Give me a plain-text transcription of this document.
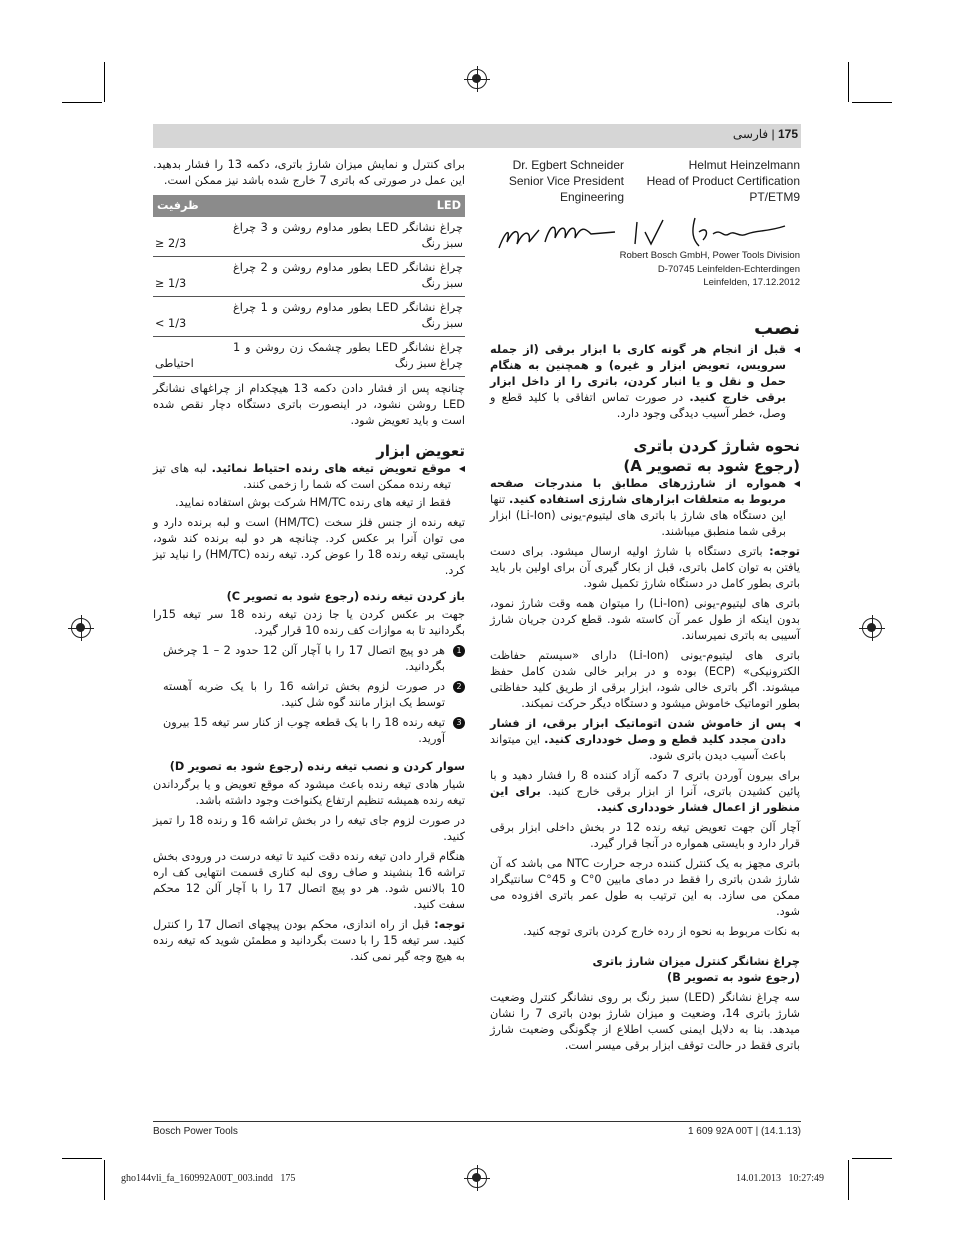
175 | فارسی
Helmut Heinzelmann
Head of Product Certification
PT/ETM9
Dr. Egbert Schneider
Senior Vice President
Engineering
Robert Bosch GmbH, Power Tools Division
D-70745 Leinfelden-Echterdingen
Leinfelden, 17.12.2012
نصب

◀ قبل از انجام هر گونه کاری با ابزار برقی (از جمله سرویس، تعویض ابزار و غیره) و همچنین به هنگام حمل و نقل و یا انبار کردن، باتری را از داخل ابزار برقی خارج کنید. در صورت تماس اتفاقی با کلید قطع و وصل، خطر آسیب دیدگی وجود دارد.

نحوه شارژ کردن باتری
(رجوع شود به تصویر A)

◀ همواره از شارژرهای مطابق با مندرجات صفحه مربوط به متعلقات ابزارهای شارژی استفاده کنید. تنها این دستگاه های شارژ با باتری های لیتیوم-یونی (Li-Ion) ابزار برقی شما منطبق میباشند.

توجه: باتری دستگاه با شارژ اولیه ارسال میشود. برای دست یافتن به توان کامل باتری، قبل از بکار گیری آن برای اولین بار باید باتری بطور کامل در دستگاه شارژ تکمیل شود.

باتری های لیتیوم-یونی (Li-Ion) را میتوان همه وقت شارژ نمود، بدون اینکه از طول عمر آن کاسته شود. قطع کردن جریان شارژ آسیبی به باتری نمیرساند.

باتری های لیتیوم-یونی (Li-Ion) دارای «سیستم حفاظت الکترونیکی» (ECP) بوده و در برابر خالی شدن کامل حفظ میشوند. اگر باتری خالی شود، ابزار برقی از طریق کلید حفاظتی بطور اتوماتیک خاموش میشود و دستگاه دیگر حرکت نمیکند.

◀ پس از خاموش شدن اتوماتیک ابزار برقی، از فشار دادن مجدد کلید قطع و وصل خودداری کنید. این میتواند باعث آسیب دیدن باتری شود.

برای بیرون آوردن باتری 7 دکمه آزاد کننده 8 را فشار دهید و با پائین کشیدن باتری، آنرا از ابزار برقی خارج کنید. برای این منظور از اعمال فشار خودداری کنید.

آچار آلن جهت تعویض تیغه رنده 12 در بخش داخلی ابزار برقی قرار دارد و بایستی همواره در آنجا قرار گیرد.

باتری مجهز به یک کنترل کننده درجه حرارت NTC می باشد که آن شارژ شدن باتری را فقط در دمای مابین 0°C و 45°C سانتیگراد ممکن می سازد. به این ترتیب به طول عمر باتری افزوده می شود.

به نکات مربوط به نحوه از رده خارج کردن باتری توجه کنید.

چراغ نشانگر کنترل میزان شارژ باتری
(رجوع شود به تصویر B)

سه چراغ نشانگر (LED) سبز رنگ بر روی نشانگر کنترل وضعیت شارژ باتری 14، وضعیت و میزان شارژ بودن باتری 7 را نشان میدهد. بنا به دلایل ایمنی کسب اطلاع از چگونگی وضعیت شارژ باتری فقط در حالت توقف ابزار برقی میسر است.

برای کنترل و نمایش میزان شارژ باتری، دکمه 13 را فشار بدهید. این عمل در صورتی که باتری 7 خارج شده باشد نیز ممکن است.

LED	ظرفیت
چراغ نشانگر LED بطور مداوم روشن و 3 چراغ سبز رنگ	≥ 2/3
چراغ نشانگر LED بطور مداوم روشن و 2 چراغ سبز رنگ	≥ 1/3
چراغ نشانگر LED بطور مداوم روشن و 1 چراغ سبز رنگ	< 1/3
چراغ نشانگر LED بطور چشمک زن روشن و 1 چراغ سبز رنگ	احتیاطی

چنانچه پس از فشار دادن دکمه 13 هیچکدام از چراغهای نشانگر LED روشن نشود، در اینصورت باتری دستگاه دچار نقص شده است و باید تعویض شود.

تعویض ابزار

◀ موقع تعویض تیغه های رنده احتیاط نمائید. لبه های تیز تیغه رنده ممکن است که شما را زخمی کنند.

فقط از تیغه های رنده HM/TC شرکت بوش استفاده نمایید.

تیغه رنده از جنس فلز سخت (HM/TC) است و لبه برنده دارد و می توان آنرا بر عکس کرد. چنانچه هر دو لبه برنده کند شود، بایستی تیغه رنده 18 را عوض کرد. تیغه رنده (HM/TC) را نباید تیز کرد.

باز کردن تیغه رنده (رجوع شود به تصویر C)

جهت بر عکس کردن یا جا زدن تیغه رنده 18 سر تیغه 15را بگردانید تا به موازات کف رنده 10 قرار گیرد.

1
هر دو پیچ اتصال 17 را با آچار آلن 12 حدود 2 – 1 چرخش بگردانید.

2
در صورت لزوم بخش تراشه 16 را با یک ضربه آهسته توسط یک ابزار مانند گوه شل کنید.

3
تیغه رنده 18 را با یک قطعه چوب از کنار سر تیغه 15 بیرون آورید.

سوار کردن و نصب تیغه رنده (رجوع شود به تصویر D)

شیار هادی تیغه رنده باعث میشود که موقع تعویض و یا برگرداندن تیغه رنده همیشه تنظیم ارتفاع یکنواخت وجود داشته باشد.

در صورت لزوم جای تیغه را در بخش تراشه 16 و رنده 18 را تمیز کنید.

هنگام قرار دادن تیغه رنده دقت کنید تا تیغه درست در ورودی بخش تراشه 16 بنشیند و صاف روی لبه کناری قسمت انتهایی کف اره 10 بالانس شود. هر دو پیچ اتصال 17 را با آچار آلن 12 محکم سفت کنید.

توجه: قبل از راه اندازی، محکم بودن پیچهای اتصال 17 را کنترل کنید. سر تیغه 15 را با دست بگردانید و مطمئن شوید که تیغه رنده به هیچ وجه گیر نمی کند.

Bosch Power Tools	1 609 92A 00T | (14.1.13)
gho144vli_fa_160992A00T_003.indd   175	14.01.2013   10:27:49
